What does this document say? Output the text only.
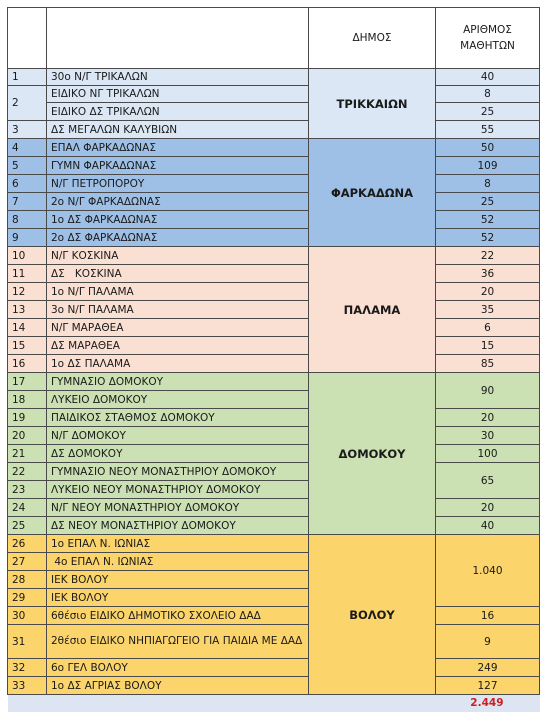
		ΔΗΜΟΣ	ΑΡΙΘΜΟΣ ΜΑΘΗΤΩΝ
1	30ο Ν/Γ ΤΡΙΚΑΛΩΝ	ΤΡΙΚΚΑΙΩΝ	40
2	ΕΙΔΙΚΟ ΝΓ ΤΡΙΚΑΛΩΝ		8
	ΕΙΔΙΚΟ ΔΣ ΤΡΙΚΑΛΩΝ		25
3	ΔΣ ΜΕΓΑΛΩΝ ΚΑΛΥΒΙΩΝ		55
4	ΕΠΑΛ ΦΑΡΚΑΔΩΝΑΣ	ΦΑΡΚΑΔΩΝΑ	50
5	ΓΥΜΝ ΦΑΡΚΑΔΩΝΑΣ		109
6	Ν/Γ ΠΕΤΡΟΠΟΡΟΥ		8
7	2ο Ν/Γ ΦΑΡΚΑΔΩΝΑΣ		25
8	1ο ΔΣ ΦΑΡΚΑΔΩΝΑΣ		52
9	2ο ΔΣ ΦΑΡΚΑΔΩΝΑΣ		52
10	Ν/Γ ΚΟΣΚΙΝΑ	ΠΑΛΑΜΑ	22
11	ΔΣ   ΚΟΣΚΙΝΑ		36
12	1ο Ν/Γ ΠΑΛΑΜΑ		20
13	3ο Ν/Γ ΠΑΛΑΜΑ		35
14	Ν/Γ ΜΑΡΑΘΕΑ		6
15	ΔΣ ΜΑΡΑΘΕΑ		15
16	1ο ΔΣ ΠΑΛΑΜΑ		85
17	ΓΥΜΝΑΣΙΟ ΔΟΜΟΚΟΥ	ΔΟΜΟΚΟΥ	90
18	ΛΥΚΕΙΟ ΔΟΜΟΚΟΥ		
19	ΠΑΙΔΙΚΟΣ ΣΤΑΘΜΟΣ ΔΟΜΟΚΟΥ		20
20	Ν/Γ ΔΟΜΟΚΟΥ		30
21	ΔΣ ΔΟΜΟΚΟΥ		100
22	ΓΥΜΝΑΣΙΟ ΝΕΟΥ ΜΟΝΑΣΤΗΡΙΟΥ ΔΟΜΟΚΟΥ		65
23	ΛΥΚΕΙΟ ΝΕΟΥ ΜΟΝΑΣΤΗΡΙΟΥ ΔΟΜΟΚΟΥ		
24	Ν/Γ ΝΕΟΥ ΜΟΝΑΣΤΗΡΙΟΥ ΔΟΜΟΚΟΥ		20
25	ΔΣ ΝΕΟΥ ΜΟΝΑΣΤΗΡΙΟΥ ΔΟΜΟΚΟΥ		40
26	1ο ΕΠΑΛ Ν. ΙΩΝΙΑΣ	ΒΟΛΟΥ	1.040
27	4ο ΕΠΑΛ Ν. ΙΩΝΙΑΣ		
28	ΙΕΚ ΒΟΛΟΥ		
29	ΙΕΚ ΒΟΛΟΥ		
30	6θέσιο ΕΙΔΙΚΟ ΔΗΜΟΤΙΚΟ ΣΧΟΛΕΙΟ ΔΑΔ		16
31	2θέσιο ΕΙΔΙΚΟ ΝΗΠΙΑΓΩΓΕΙΟ ΓΙΑ ΠΑΙΔΙΑ ΜΕ ΔΑΔ		9
32	6ο ΓΕΛ ΒΟΛΟΥ		249
33	1ο ΔΣ ΑΓΡΙΑΣ ΒΟΛΟΥ		127
2.449			
